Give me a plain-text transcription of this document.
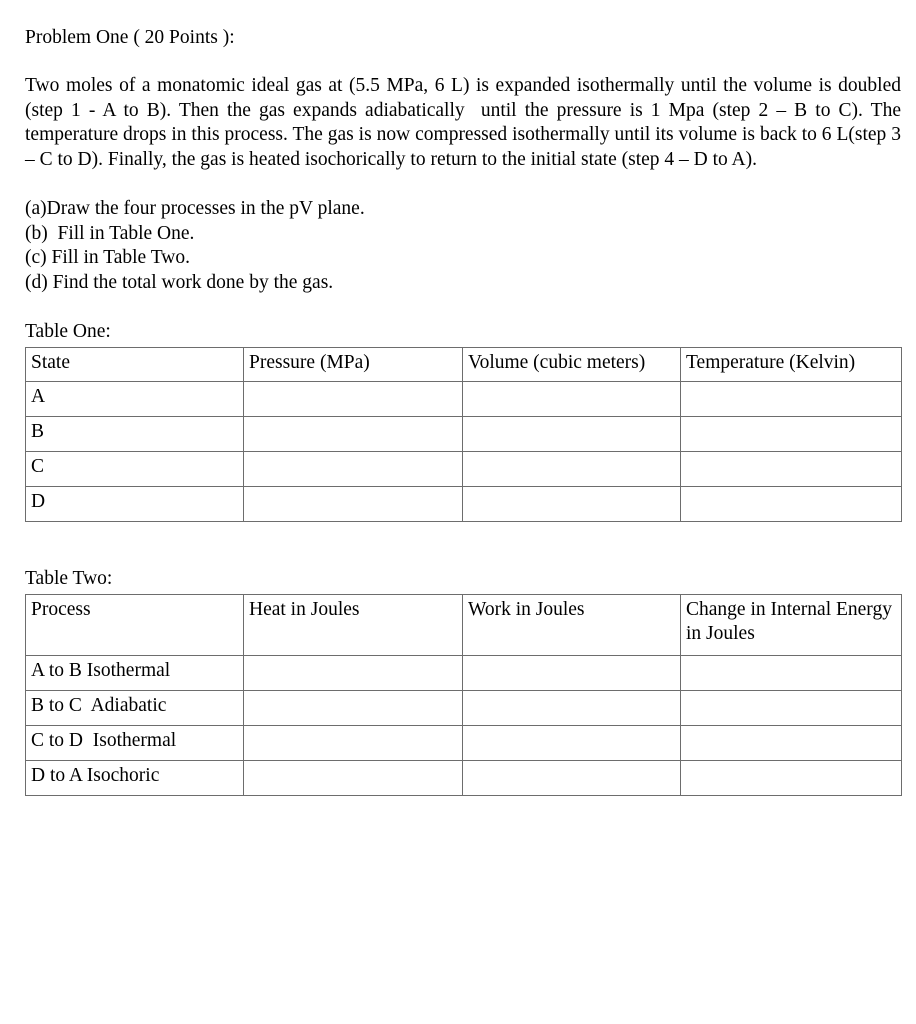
Problem One ( 20 Points ):
Two moles of a monatomic ideal gas at (5.5 MPa, 6 L) is expanded isothermally until the volume is doubled (step 1 - A to B). Then the gas expands adiabatically  until the pressure is 1 Mpa (step 2 – B to C). The temperature drops in this process. The gas is now compressed isothermally until its volume is back to 6 L(step 3 – C to D). Finally, the gas is heated isochorically to return to the initial state (step 4 – D to A).
(a)Draw the four processes in the pV plane.
(b)  Fill in Table One.
(c) Fill in Table Two.
(d) Find the total work done by the gas.
Table One:
State	Pressure (MPa)	Volume (cubic meters)	Temperature (Kelvin)
A			
B			
C			
D			
Table Two:
Process	Heat in Joules	Work in Joules	Change in Internal Energy in Joules
A to B Isothermal			
B to C  Adiabatic			
C to D  Isothermal			
D to A Isochoric			
